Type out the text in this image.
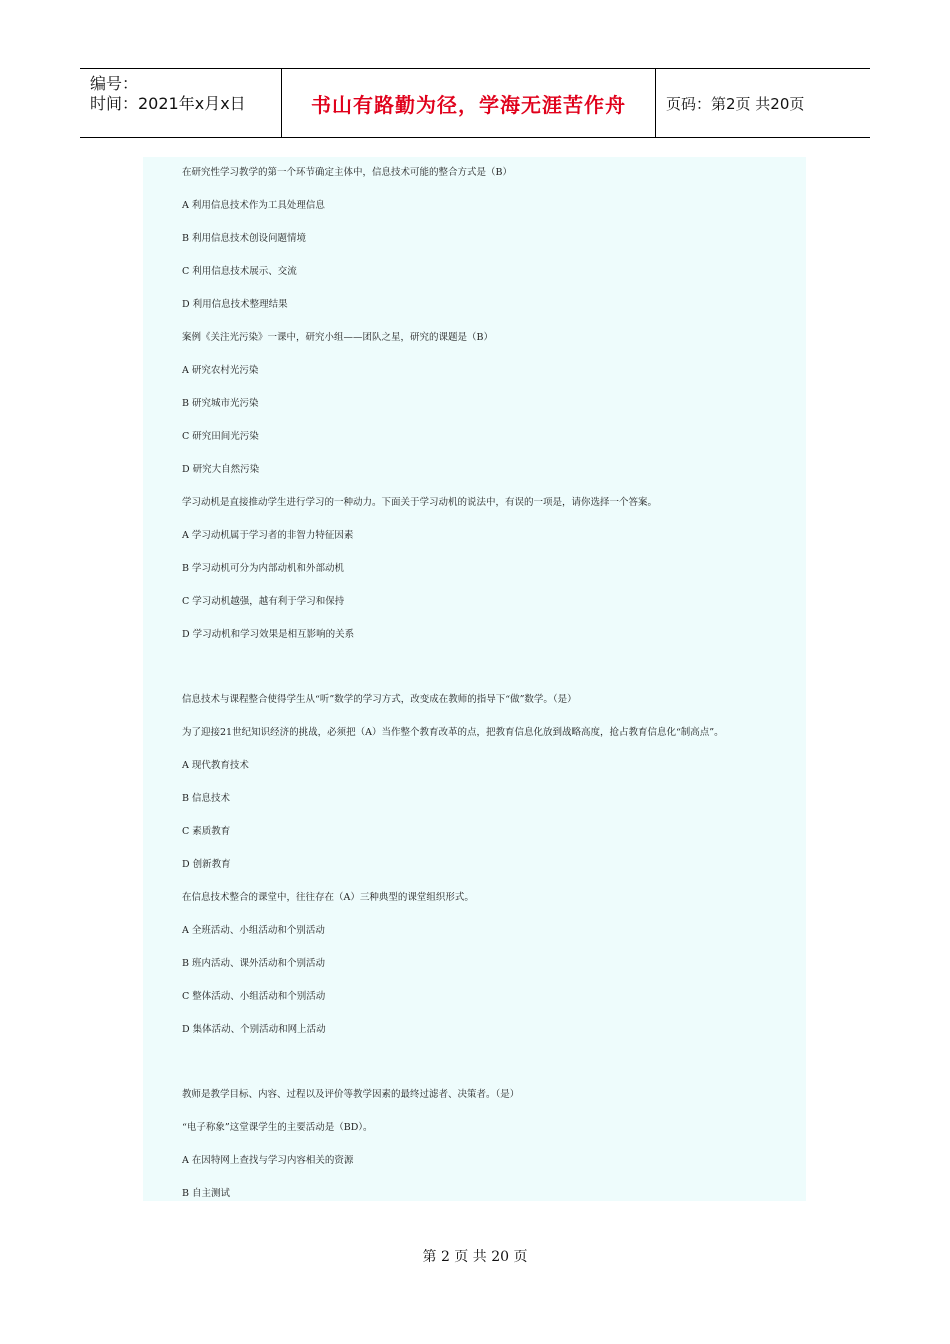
编号：
时间：2021年x月x日	书山有路勤为径，学海无涯苦作舟	页码：第2页 共20页
在研究性学习教学的第一个环节确定主体中，信息技术可能的整合方式是（B）
A 利用信息技术作为工具处理信息
B 利用信息技术创设问题情境
C 利用信息技术展示、交流
D 利用信息技术整理结果
案例《关注光污染》一课中，研究小组——团队之星，研究的课题是（B）
A 研究农村光污染
B 研究城市光污染
C 研究田间光污染
D 研究大自然污染
学习动机是直接推动学生进行学习的一种动力。下面关于学习动机的说法中，有误的一项是，请你选择一个答案。
A 学习动机属于学习者的非智力特征因素
B 学习动机可分为内部动机和外部动机
C 学习动机越强，越有利于学习和保持
D 学习动机和学习效果是相互影响的关系
信息技术与课程整合使得学生从“听”数学的学习方式，改变成在教师的指导下“做”数学。（是）
为了迎接21世纪知识经济的挑战，必须把（A）当作整个教育改革的点，把教育信息化放到战略高度，抢占教育信息化“制高点”。
A 现代教育技术
B 信息技术
C 素质教育
D 创新教育
在信息技术整合的课堂中，往往存在（A）三种典型的课堂组织形式。
A 全班活动、小组活动和个别活动
B 班内活动、课外活动和个别活动
C 整体活动、小组活动和个别活动
D 集体活动、个别活动和网上活动
教师是教学目标、内容、过程以及评价等教学因素的最终过滤者、决策者。（是）
“电子称象”这堂课学生的主要活动是（BD）。
A 在因特网上查找与学习内容相关的资源
B 自主测试
第 2 页 共 20 页
